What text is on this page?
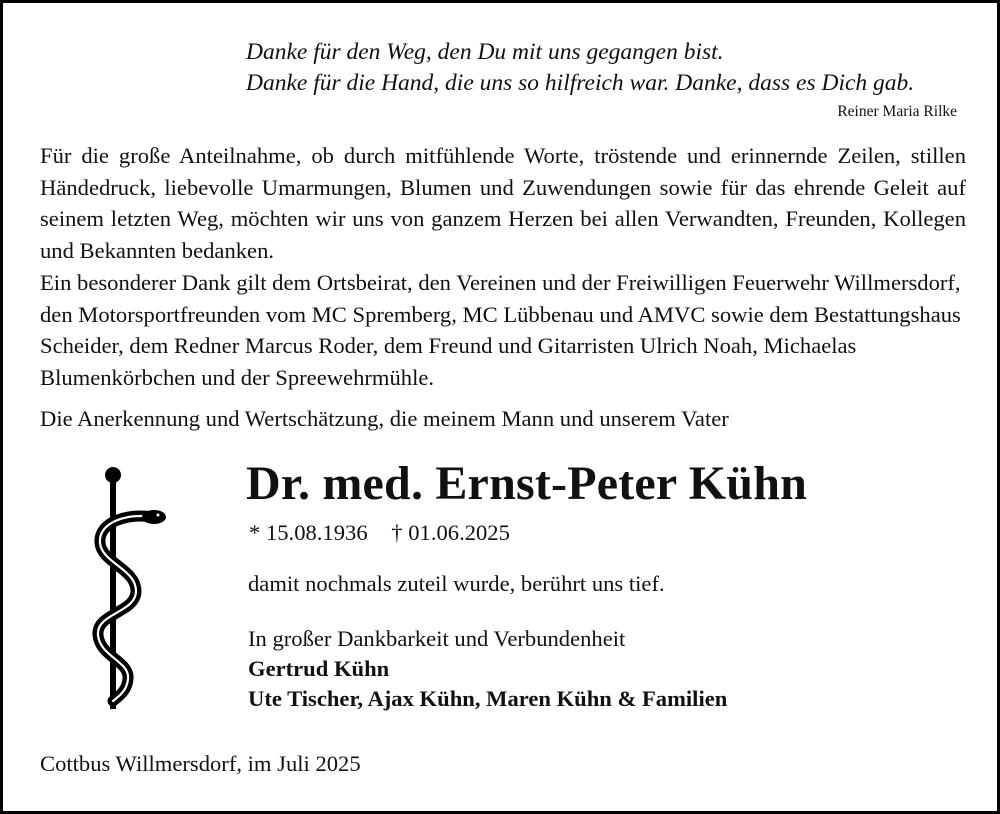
Danke für den Weg, den Du mit uns gegangen bist.
Danke für die Hand, die uns so hilfreich war. Danke, dass es Dich gab.
Reiner Maria Rilke
Für die große Anteilnahme, ob durch mitfühlende Worte, tröstende und erinnernde Zeilen, stillen Händedruck, liebevolle Umarmungen, Blumen und Zuwendungen sowie für das ehrende Geleit auf seinem letzten Weg, möchten wir uns von ganzem Herzen bei allen Verwandten, Freunden, Kollegen und Bekannten bedanken.
Ein besonderer Dank gilt dem Ortsbeirat, den Vereinen und der Freiwilligen Feuerwehr Willmersdorf, den Motorsportfreunden vom MC Spremberg, MC Lübbenau und AMVC sowie dem Bestattungshaus Scheider, dem Redner Marcus Roder, dem Freund und Gitarristen Ulrich Noah, Michaelas Blumenkörbchen und der Spreewehrmühle.
Die Anerkennung und Wertschätzung, die meinem Mann und unserem Vater
Dr. med. Ernst-Peter Kühn
* 15.08.1936 † 01.06.2025
damit nochmals zuteil wurde, berührt uns tief.
In großer Dankbarkeit und Verbundenheit
Gertrud Kühn
Ute Tischer, Ajax Kühn, Maren Kühn & Familien
Cottbus Willmersdorf, im Juli 2025
